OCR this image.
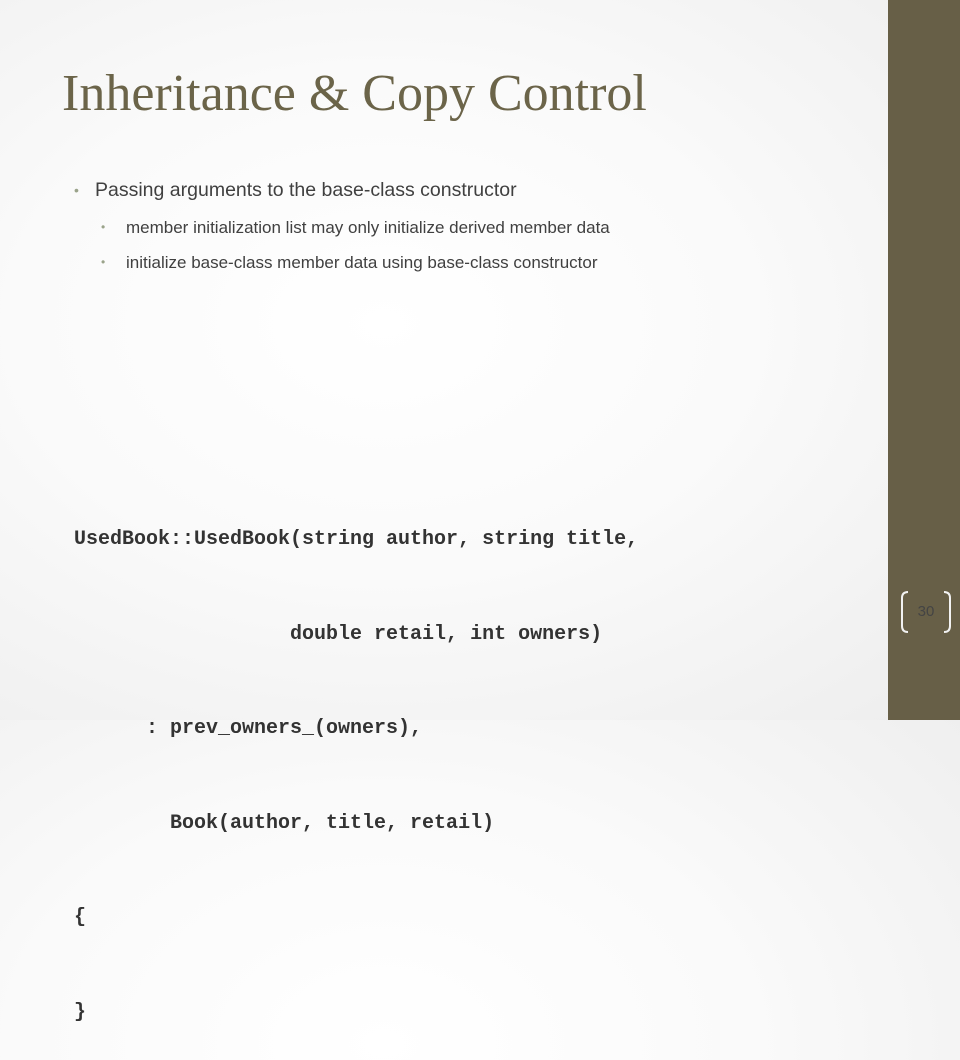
Inheritance & Copy Control
• Passing arguments to the base-class constructor
• member initialization list may only initialize derived member data
• initialize base-class member data using base-class constructor

UsedBook::UsedBook(string author, string title,

double retail, int owners)

: prev_owners_(owners),

Book(author, title, retail)

{

}

30
